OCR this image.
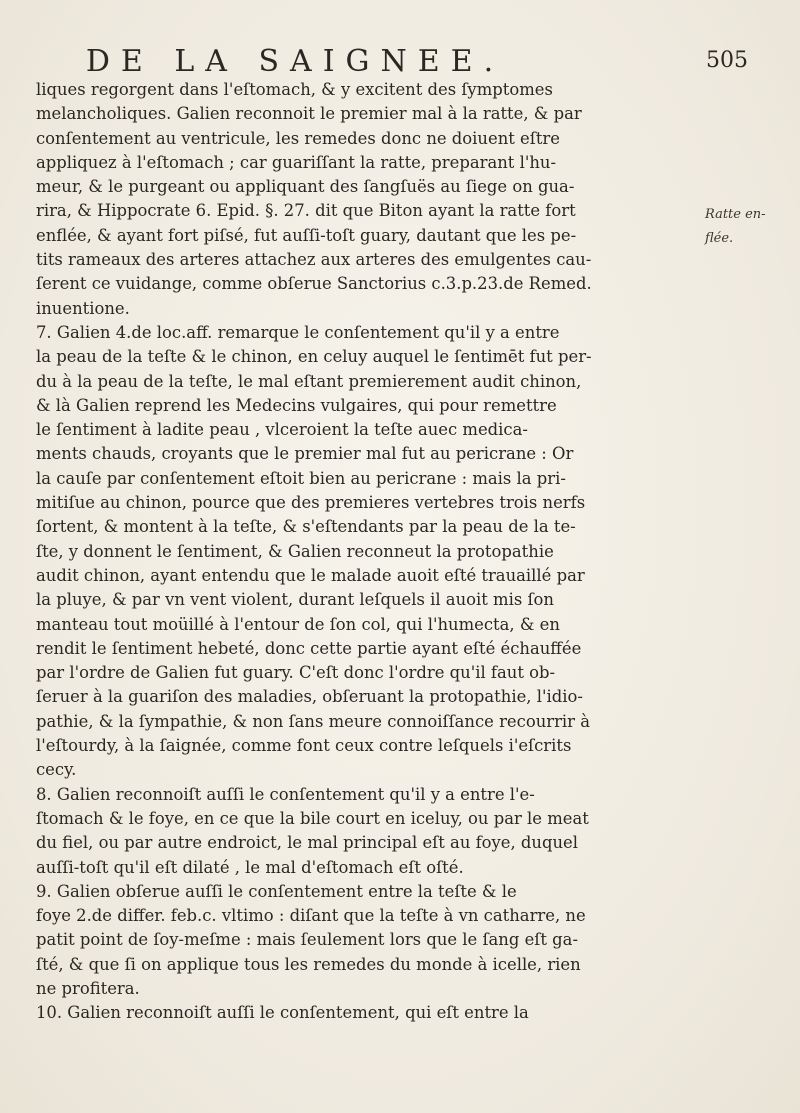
DE LA SAIGNEE.	505
Ratte en-
flée.
liques regorgent dans l'eſtomach, & y excitent des ſymptomes
melancholiques. Galien reconnoit le premier mal à la ratte, & par
conſentement au ventricule, les remedes donc ne doiuent eſtre
appliquez à l'eſtomach ; car guariſſant la ratte, preparant l'hu-
meur, & le purgeant ou appliquant des ſangſuës au ſiege on gua-
rira, & Hippocrate 6. Epid. §. 27. dit que Biton ayant la ratte fort
enflée, & ayant fort piſsé, fut auſſi-toſt guary, dautant que les pe-
tits rameaux des arteres attachez aux arteres des emulgentes cau-
ſerent ce vuidange, comme obſerue Sanctorius c.3.p.23.de Remed.
inuentione.
7. Galien 4.de loc.aff. remarque le conſentement qu'il y a entre
la peau de la teſte & le chinon, en celuy auquel le ſentimēt fut per-
du à la peau de la teſte, le mal eſtant premierement audit chinon,
& là Galien reprend les Medecins vulgaires, qui pour remettre
le ſentiment à ladite peau , vlceroient la teſte auec medica-
ments chauds, croyants que le premier mal fut au pericrane : Or
la cauſe par conſentement eſtoit bien au pericrane : mais la pri-
mitiſue au chinon, pource que des premieres vertebres trois nerfs
ſortent, & montent à la teſte, & s'eſtendants par la peau de la te-
ſte, y donnent le ſentiment, & Galien reconneut la protopathie
audit chinon, ayant entendu que le malade auoit eſté trauaillé par
la pluye, & par vn vent violent, durant leſquels il auoit mis ſon
manteau tout moüillé à l'entour de ſon col, qui l'humecta, & en
rendit le ſentiment hebeté, donc cette partie ayant eſté échauffée
par l'ordre de Galien fut guary. C'eſt donc l'ordre qu'il faut ob-
ſeruer à la guariſon des maladies, obſeruant la protopathie, l'idio-
pathie, & la ſympathie, & non ſans meure connoiſſance recourrir à
l'eſtourdy, à la ſaignée, comme font ceux contre leſquels i'eſcrits
cecy.
8. Galien reconnoiſt auſſi le conſentement qu'il y a entre l'e-
ſtomach & le foye, en ce que la bile court en iceluy, ou par le meat
du fiel, ou par autre endroict, le mal principal eſt au foye, duquel
auſſi-toſt qu'il eſt dilaté , le mal d'eſtomach eſt oſté.
9. Galien obſerue auſſi le conſentement entre la teſte & le
foye 2.de differ. feb.c. vltimo : diſant que la teſte à vn catharre, ne
patit point de ſoy-meſme : mais ſeulement lors que le ſang eſt ga-
ſté, & que ſi on applique tous les remedes du monde à icelle, rien
ne profitera.
10. Galien reconnoiſt auſſi le conſentement, qui eſt entre la
